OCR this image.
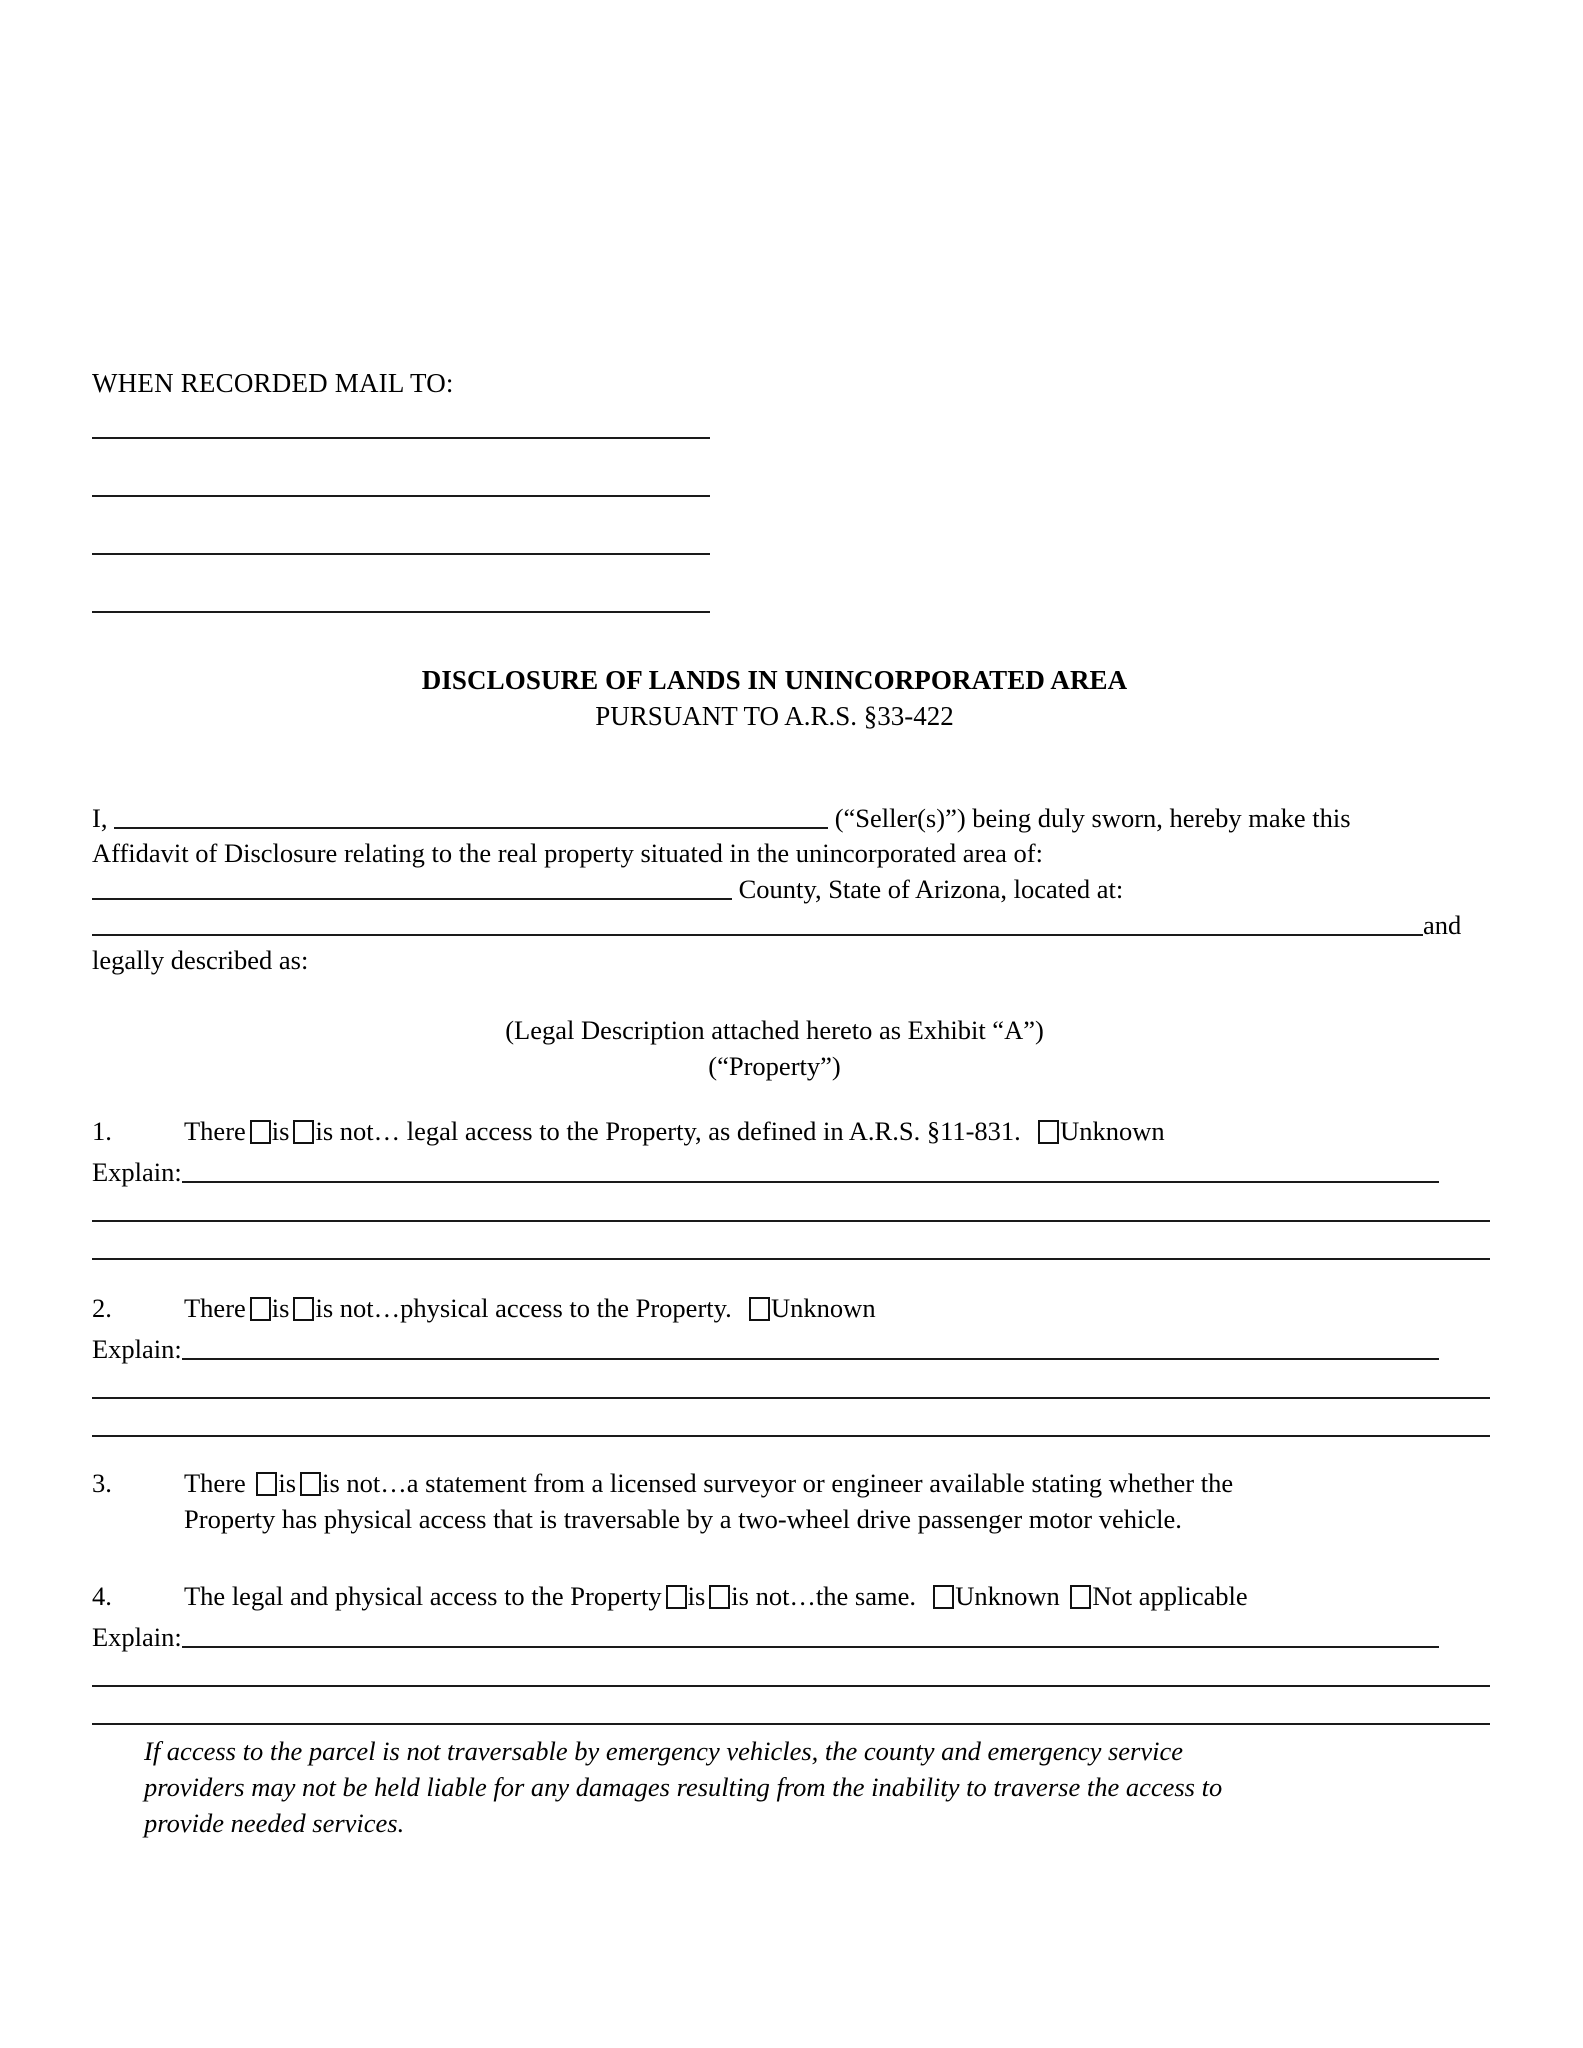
WHEN RECORDED MAIL TO:
DISCLOSURE OF LANDS IN UNINCORPORATED AREA
PURSUANT TO A.R.S. §33-422
I,	(“Seller(s)”) being duly sworn, hereby make this
Affidavit of Disclosure relating to the real property situated in the unincorporated area of:
County, State of Arizona, located at:
and
legally described as:
(Legal Description attached hereto as Exhibit “A”)
(“Property”)
1.	There is is not… legal access to the Property, as defined in A.R.S. §11-831. Unknown
Explain:
2.	There is is not…physical access to the Property. Unknown
Explain:
3.	There is is not…a statement from a licensed surveyor or engineer available stating whether the
Property has physical access that is traversable by a two-wheel drive passenger motor vehicle.
4.	The legal and physical access to the Property is is not…the same. Unknown Not applicable
Explain:
If access to the parcel is not traversable by emergency vehicles, the county and emergency service
providers may not be held liable for any damages resulting from the inability to traverse the access to
provide needed services.
